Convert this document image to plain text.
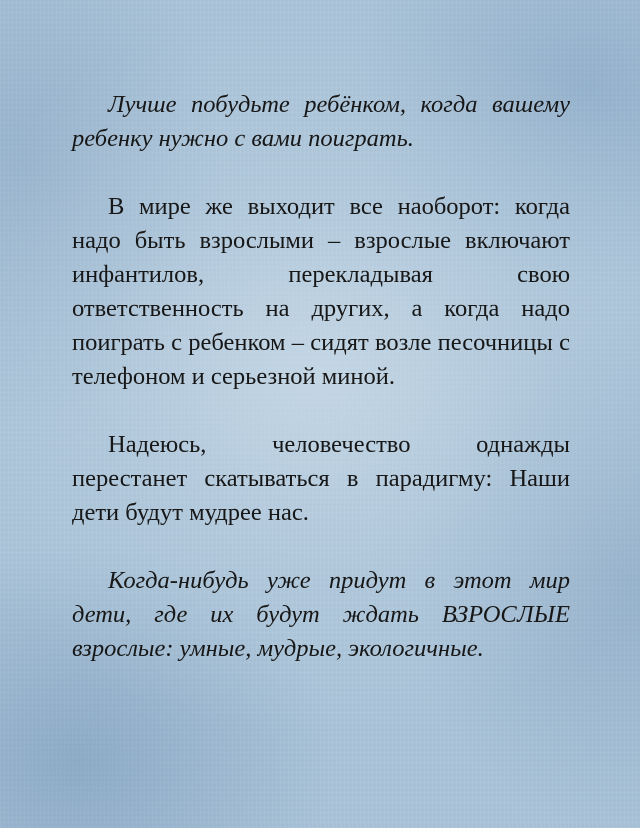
Лучше побудьте ребёнком, когда вашему ребенку нужно с вами поиграть.

В мире же выходит все наоборот: когда надо быть взрослыми – взрослые включают инфантилов, перекладывая свою ответственность на других, а когда надо поиграть с ребенком – сидят возле песочницы с телефоном и серьезной миной.

Надеюсь, человечество однажды перестанет скатываться в парадигму: Наши дети будут мудрее нас.

Когда-нибудь уже придут в этот мир дети, где их будут ждать ВЗРОСЛЫЕ взрослые: умные, мудрые, экологичные.
